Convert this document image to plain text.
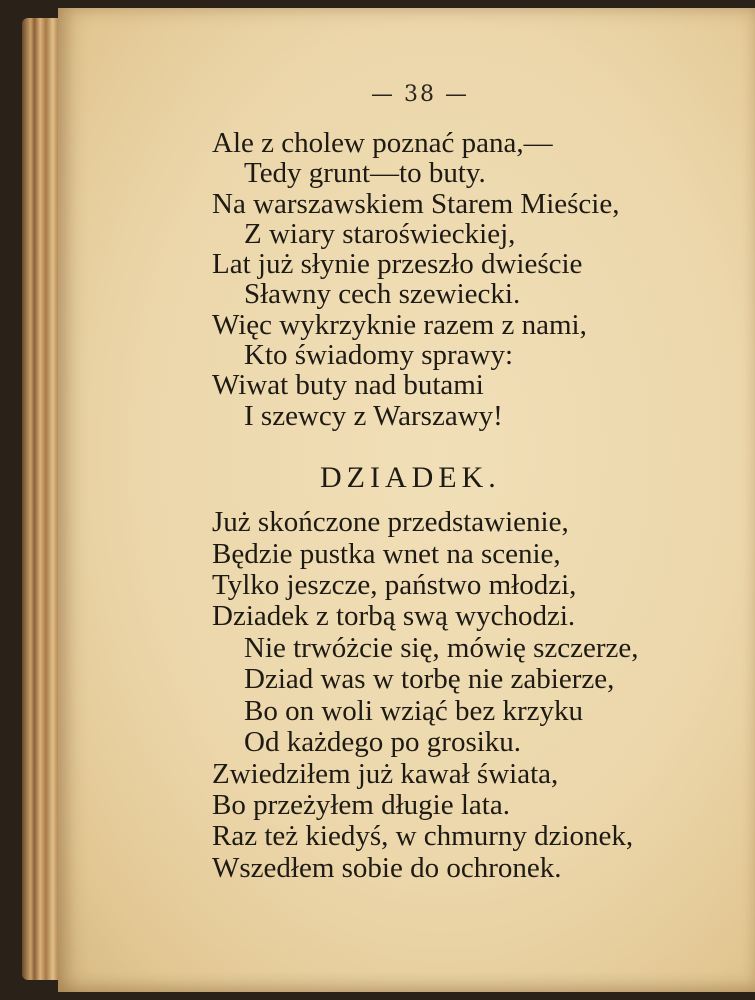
— 38 —
Ale z cholew poznać pana,—
Tedy grunt—to buty.
Na warszawskiem Starem Mieście,
Z wiary staroświeckiej,
Lat już słynie przeszło dwieście
Sławny cech szewiecki.
Więc wykrzyknie razem z nami,
Kto świadomy sprawy:
Wiwat buty nad butami
I szewcy z Warszawy!
DZIADEK.
Już skończone przedstawienie,
Będzie pustka wnet na scenie,
Tylko jeszcze, państwo młodzi,
Dziadek z torbą swą wychodzi.
Nie trwóżcie się, mówię szczerze,
Dziad was w torbę nie zabierze,
Bo on woli wziąć bez krzyku
Od każdego po grosiku.
Zwiedziłem już kawał świata,
Bo przeżyłem długie lata.
Raz też kiedyś, w chmurny dzionek,
Wszedłem sobie do ochronek.
